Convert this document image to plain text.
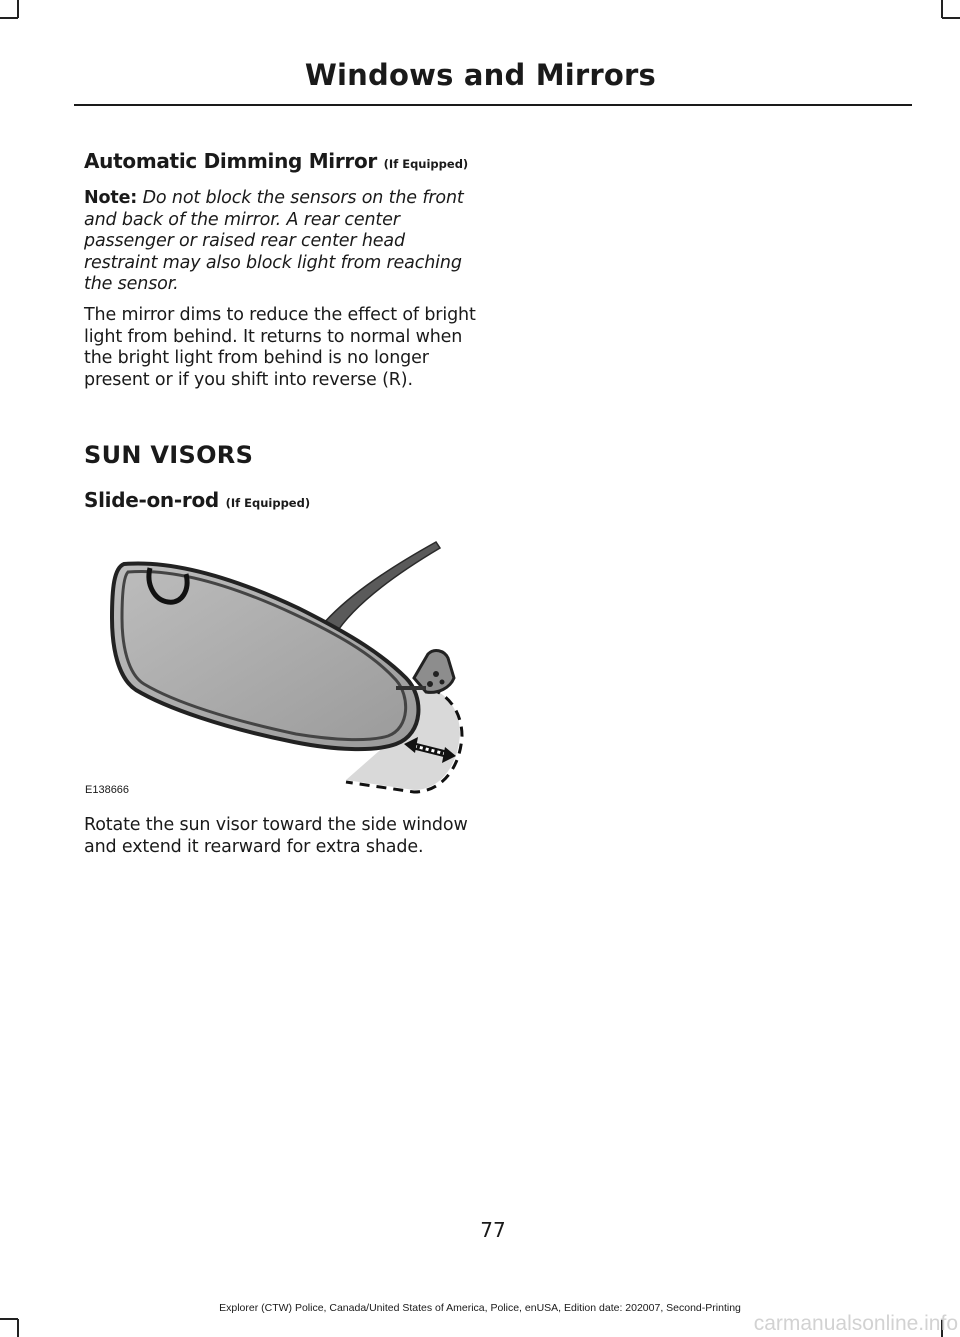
Windows and Mirrors
Automatic Dimming Mirror (If Equipped)

Note: Do not block the sensors on the front and back of the mirror. A rear center passenger or raised rear center head restraint may also block light from reaching the sensor.

The mirror dims to reduce the effect of bright light from behind. It returns to normal when the bright light from behind is no longer present or if you shift into reverse (R).

SUN VISORS
Slide-on-rod (If Equipped)
E138666

Rotate the sun visor toward the side window and extend it rearward for extra shade.

77
Explorer (CTW) Police, Canada/United States of America, Police, enUSA, Edition date: 202007, Second-Printing
carmanualsonline.info
